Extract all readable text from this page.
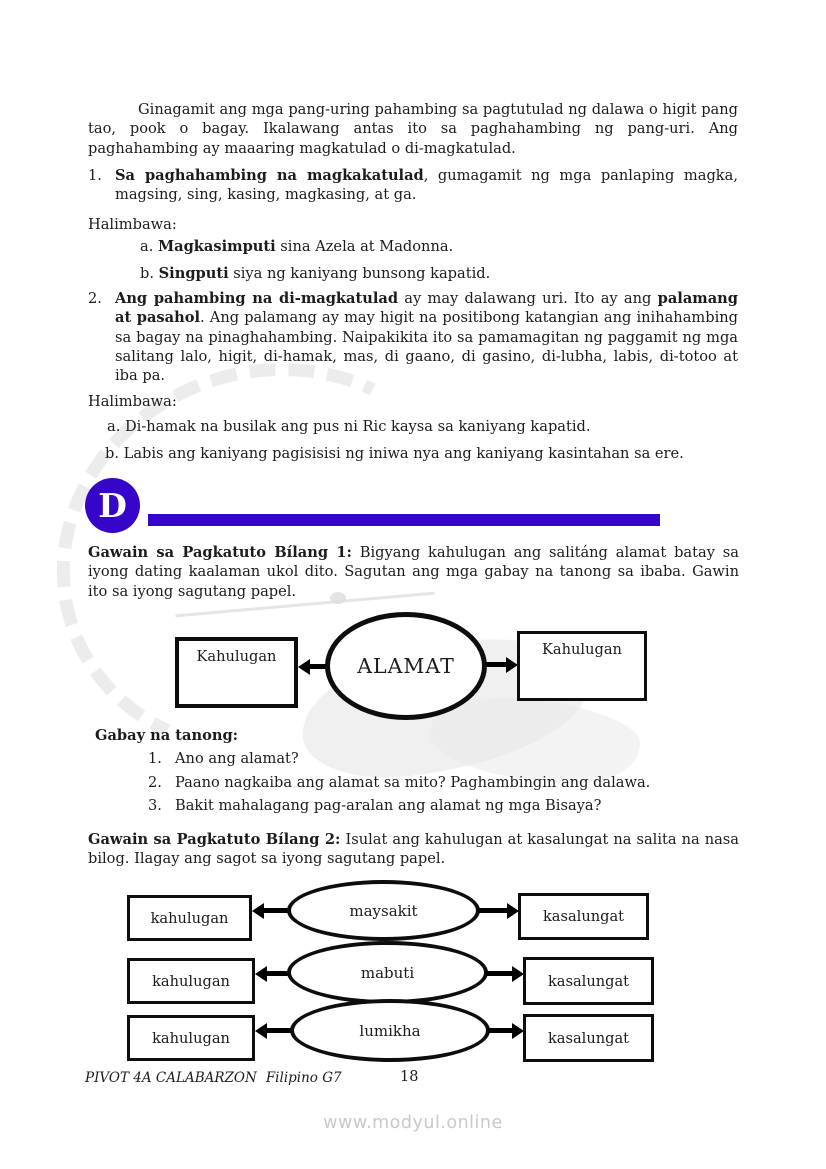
Ginagamit ang mga pang-uring pahambing sa pagtutulad ng dalawa o higit pang tao, pook o bagay. Ikalawang antas ito sa paghahambing ng pang-uri. Ang paghahambing ay maaaring magkatulad o di-magkatulad.

1. Sa paghahambing na magkakatulad, gumagamit ng mga panlaping magka, magsing, sing, kasing, magkasing, at ga.
Halimbawa:
a. Magkasimputi sina Azela at Madonna.
b. Singputi siya ng kaniyang bunsong kapatid.
2. Ang pahambing na di-magkatulad ay may dalawang uri. Ito ay ang palamang at pasahol. Ang palamang ay may higit na positibong katangian ang inihahambing sa bagay na pinaghahambing. Naipakikita ito sa pamamagitan ng paggamit ng mga salitang lalo, higit, di-hamak, mas, di gaano, di gasino, di-lubha, labis, di-totoo at iba pa.
Halimbawa:
a. Di-hamak na busilak ang pus ni Ric kaysa sa kaniyang kapatid.
b. Labis ang kaniyang pagisisisi ng iniwa nya ang kaniyang kasintahan sa ere.
D
Gawain sa Pagkatuto Bílang 1: Bigyang kahulugan ang salitáng alamat batay sa iyong dating kaalaman ukol dito. Sagutan ang mga gabay na tanong sa ibaba. Gawin ito sa iyong sagutang papel.
Kahulugan	ALAMAT
Kahulugan
Gabay na tanong:
1. Ano ang alamat?
2. Paano nagkaiba ang alamat sa mito? Paghambingin ang dalawa.
3. Bakit mahalagang pag-aralan ang alamat ng mga Bisaya?
Gawain sa Pagkatuto Bílang 2: Isulat ang kahulugan at kasalungat na salita na nasa bilog. Ilagay ang sagot sa iyong sagutang papel.
kahulugan	maysakit	kasalungat
kahulugan	mabuti	kasalungat
kahulugan	lumikha	kasalungat
PIVOT 4A CALABARZON Filipino G7	18
www.modyul.online
